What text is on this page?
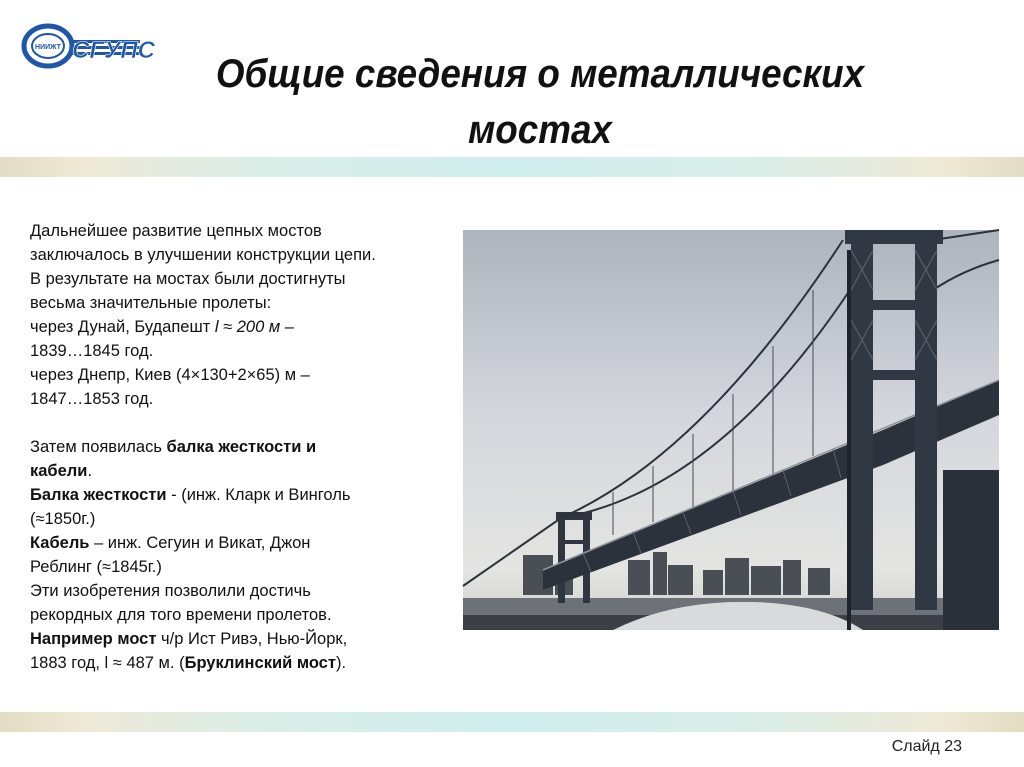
НИИЖТ СГУПС
Общие сведения о металлических мостах

Дальнейшее развитие цепных мостов

заключалось в улучшении конструкции цепи.

В результате на мостах были достигнуты

весьма значительные пролеты:

через Дунай, Будапешт l ≈ 200 м –

1839…1845 год.

через Днепр, Киев (4×130+2×65) м –

1847…1853 год.

Затем появилась балка жесткости и

кабели.

Балка жесткости - (инж. Кларк и Винголь

(≈1850г.)

Кабель – инж. Сегуин и Викат, Джон

Реблинг (≈1845г.)

Эти изобретения позволили достичь

рекордных для того времени пролетов.

Например мост ч/р Ист Ривэ, Нью-Йорк,

1883 год, l ≈ 487 м. (Бруклинский мост).

Слайд 23
